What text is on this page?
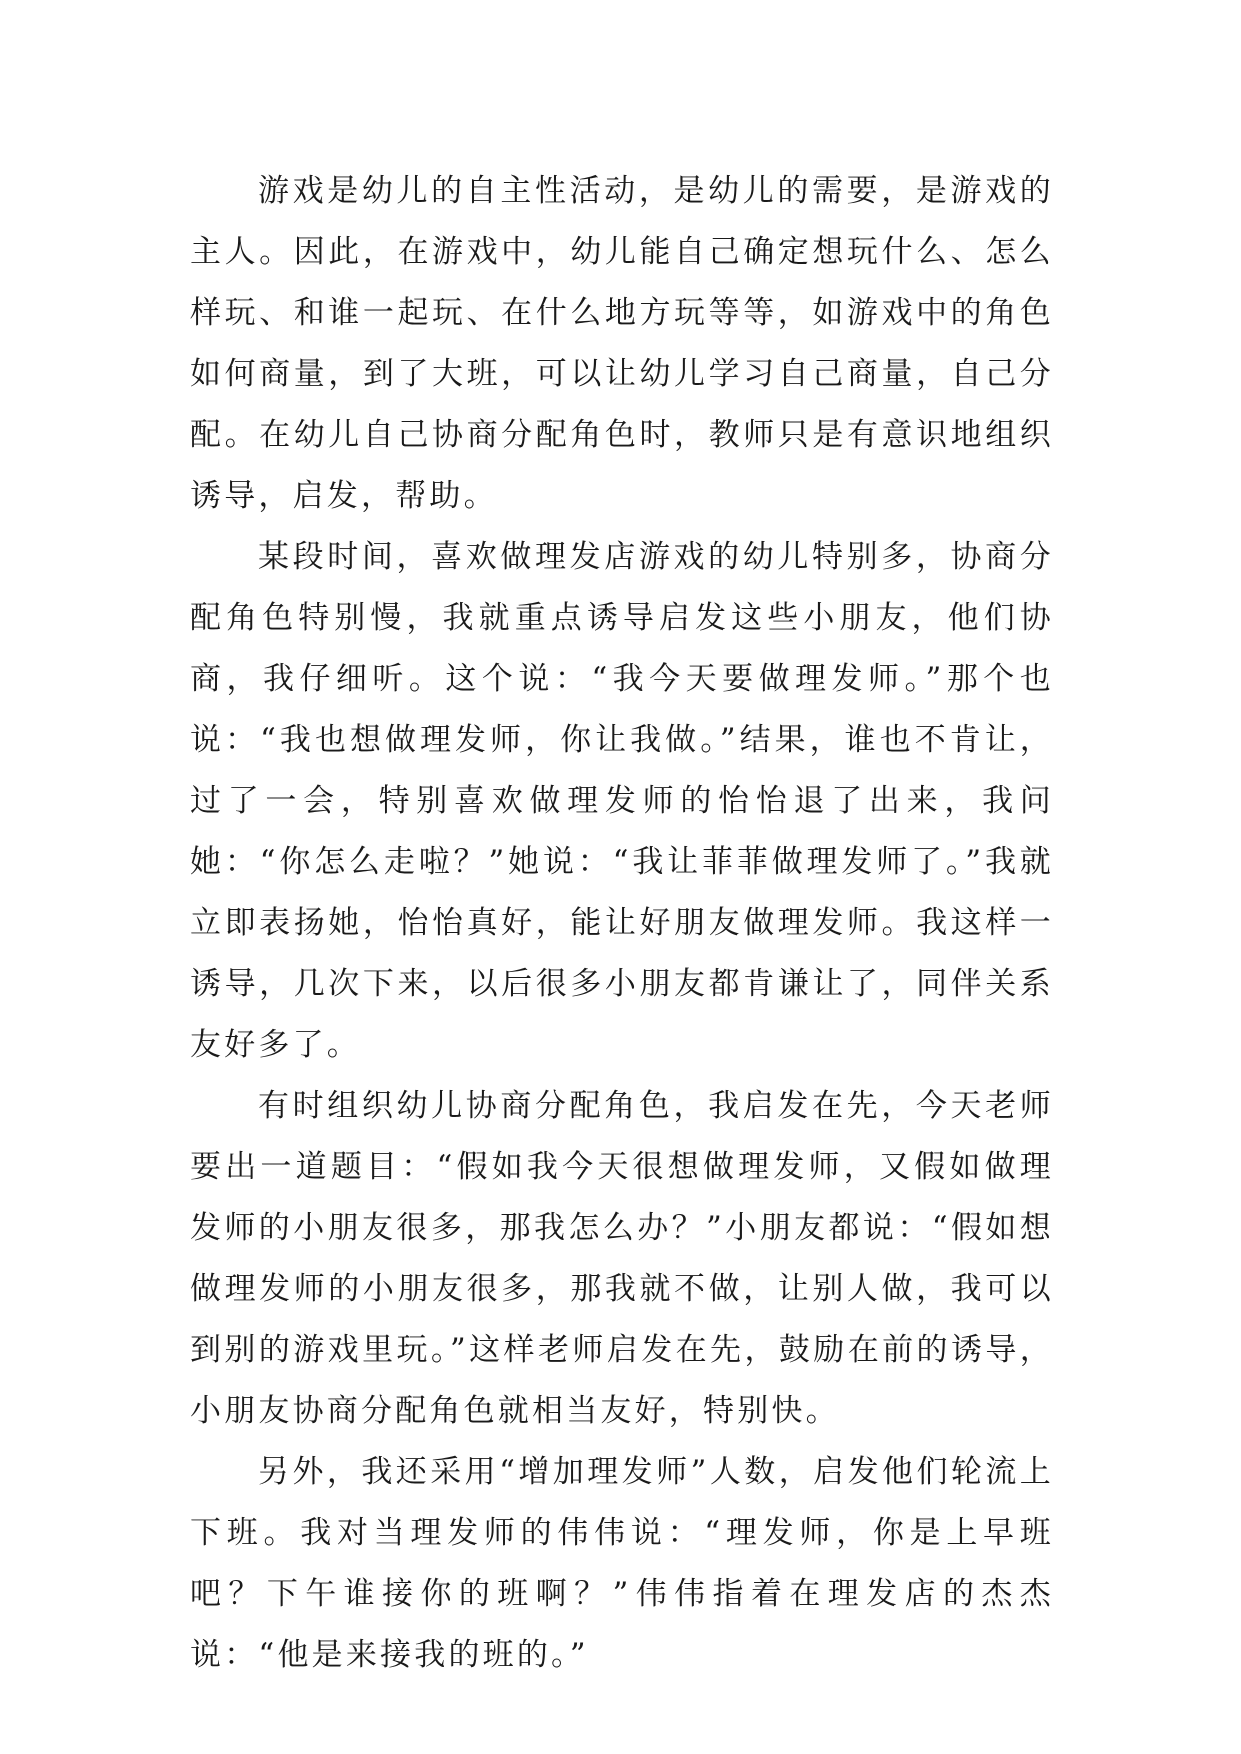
游戏是幼儿的自主性活动，是幼儿的需要，是游戏的主人。因此，在游戏中，幼儿能自己确定想玩什么、怎么样玩、和谁一起玩、在什么地方玩等等，如游戏中的角色如何商量，到了大班，可以让幼儿学习自己商量，自己分配。在幼儿自己协商分配角色时，教师只是有意识地组织诱导，启发，帮助。

某段时间，喜欢做理发店游戏的幼儿特别多，协商分配角色特别慢，我就重点诱导启发这些小朋友，他们协商，我仔细听。这个说：“我今天要做理发师。”那个也说：“我也想做理发师，你让我做。”结果，谁也不肯让，过了一会，特别喜欢做理发师的怡怡退了出来，我问她：“你怎么走啦？”她说：“我让菲菲做理发师了。”我就立即表扬她，怡怡真好，能让好朋友做理发师。我这样一诱导，几次下来，以后很多小朋友都肯谦让了，同伴关系友好多了。

有时组织幼儿协商分配角色，我启发在先，今天老师要出一道题目：“假如我今天很想做理发师，又假如做理发师的小朋友很多，那我怎么办？”小朋友都说：“假如想做理发师的小朋友很多，那我就不做，让别人做，我可以到别的游戏里玩。”这样老师启发在先，鼓励在前的诱导，小朋友协商分配角色就相当友好，特别快。

另外，我还采用“增加理发师”人数，启发他们轮流上下班。我对当理发师的伟伟说：“理发师，你是上早班吧？下午谁接你的班啊？”伟伟指着在理发店的杰杰说：“他是来接我的班的。”
